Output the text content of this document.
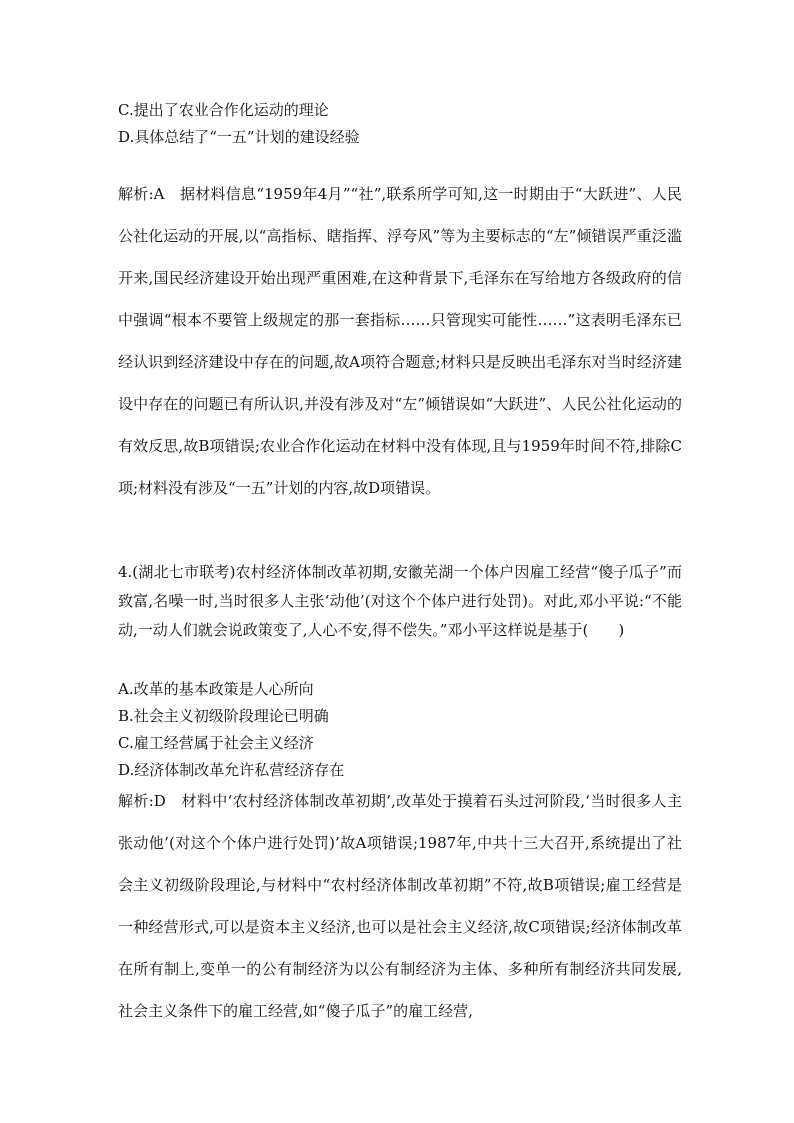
C.提出了农业合作化运动的理论
D.具体总结了“一五”计划的建设经验

解析:A　据材料信息“1959年4月”“社”,联系所学可知,这一时期由于“大跃进”、人民公社化运动的开展,以“高指标、瞎指挥、浮夸风”等为主要标志的“左”倾错误严重泛滥开来,国民经济建设开始出现严重困难,在这种背景下,毛泽东在写给地方各级政府的信中强调“根本不要管上级规定的那一套指标……只管现实可能性……”这表明毛泽东已经认识到经济建设中存在的问题,故A项符合题意;材料只是反映出毛泽东对当时经济建设中存在的问题已有所认识,并没有涉及对“左”倾错误如“大跃进”、人民公社化运动的有效反思,故B项错误;农业合作化运动在材料中没有体现,且与1959年时间不符,排除C项;材料没有涉及“一五”计划的内容,故D项错误。

4.(湖北七市联考)农村经济体制改革初期,安徽芜湖一个体户因雇工经营“傻子瓜子”而致富,名噪一时,当时很多人主张‘动他’(对这个个体户进行处罚)。对此,邓小平说:“不能动,一动人们就会说政策变了,人心不安,得不偿失。”邓小平这样说是基于(　　)

A.改革的基本政策是人心所向
B.社会主义初级阶段理论已明确
C.雇工经营属于社会主义经济
D.经济体制改革允许私营经济存在

解析:D　材料中‘农村经济体制改革初期’,改革处于摸着石头过河阶段,‘当时很多人主张动他’(对这个个体户进行处罚)’故A项错误;1987年,中共十三大召开,系统提出了社会主义初级阶段理论,与材料中“农村经济体制改革初期”不符,故B项错误;雇工经营是一种经营形式,可以是资本主义经济,也可以是社会主义经济,故C项错误;经济体制改革在所有制上,变单一的公有制经济为以公有制经济为主体、多种所有制经济共同发展,社会主义条件下的雇工经营,如“傻子瓜子”的雇工经营,
